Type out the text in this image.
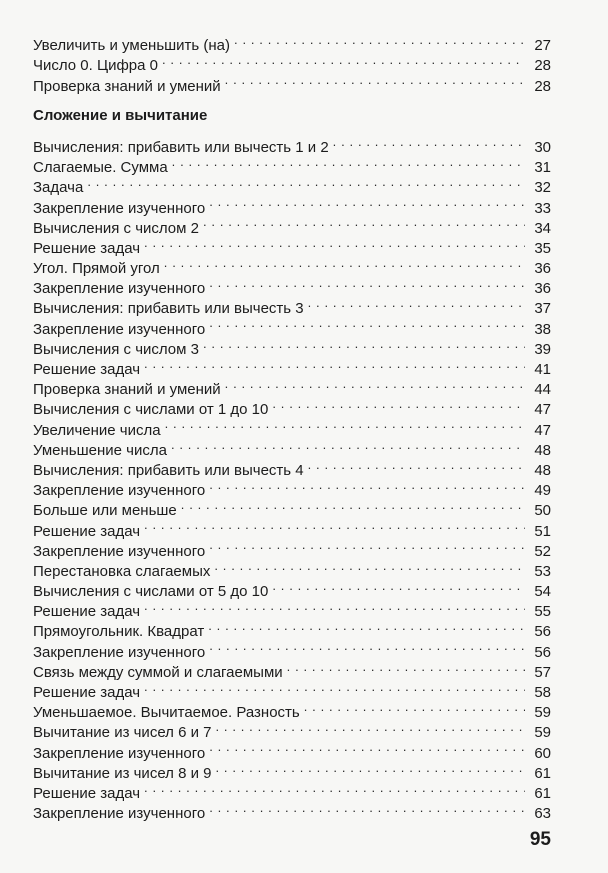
Увеличить и уменьшить (на) . . .	27
Число 0. Цифра 0 . . .	28
Проверка знаний и умений . . .	28
Сложение и вычитание
Вычисления: прибавить или вычесть 1 и 2 . . .	30
Слагаемые. Сумма . . .	31
Задача . . .	32
Закрепление изученного . . .	33
Вычисления с числом 2 . . .	34
Решение задач . . .	35
Угол. Прямой угол . . .	36
Закрепление изученного . . .	36
Вычисления: прибавить или вычесть 3 . . .	37
Закрепление изученного . . .	38
Вычисления с числом 3 . . .	39
Решение задач . . .	41
Проверка знаний и умений . . .	44
Вычисления с числами от 1 до 10 . . .	47
Увеличение числа . . .	47
Уменьшение числа . . .	48
Вычисления: прибавить или вычесть 4 . . .	48
Закрепление изученного . . .	49
Больше или меньше . . .	50
Решение задач . . .	51
Закрепление изученного . . .	52
Перестановка слагаемых . . .	53
Вычисления с числами от 5 до 10 . . .	54
Решение задач . . .	55
Прямоугольник. Квадрат . . .	56
Закрепление изученного . . .	56
Связь между суммой и слагаемыми . . .	57
Решение задач . . .	58
Уменьшаемое. Вычитаемое. Разность . . .	59
Вычитание из чисел 6 и 7 . . .	59
Закрепление изученного . . .	60
Вычитание из чисел 8 и 9 . . .	61
Решение задач . . .	61
Закрепление изученного . . .	63
95
